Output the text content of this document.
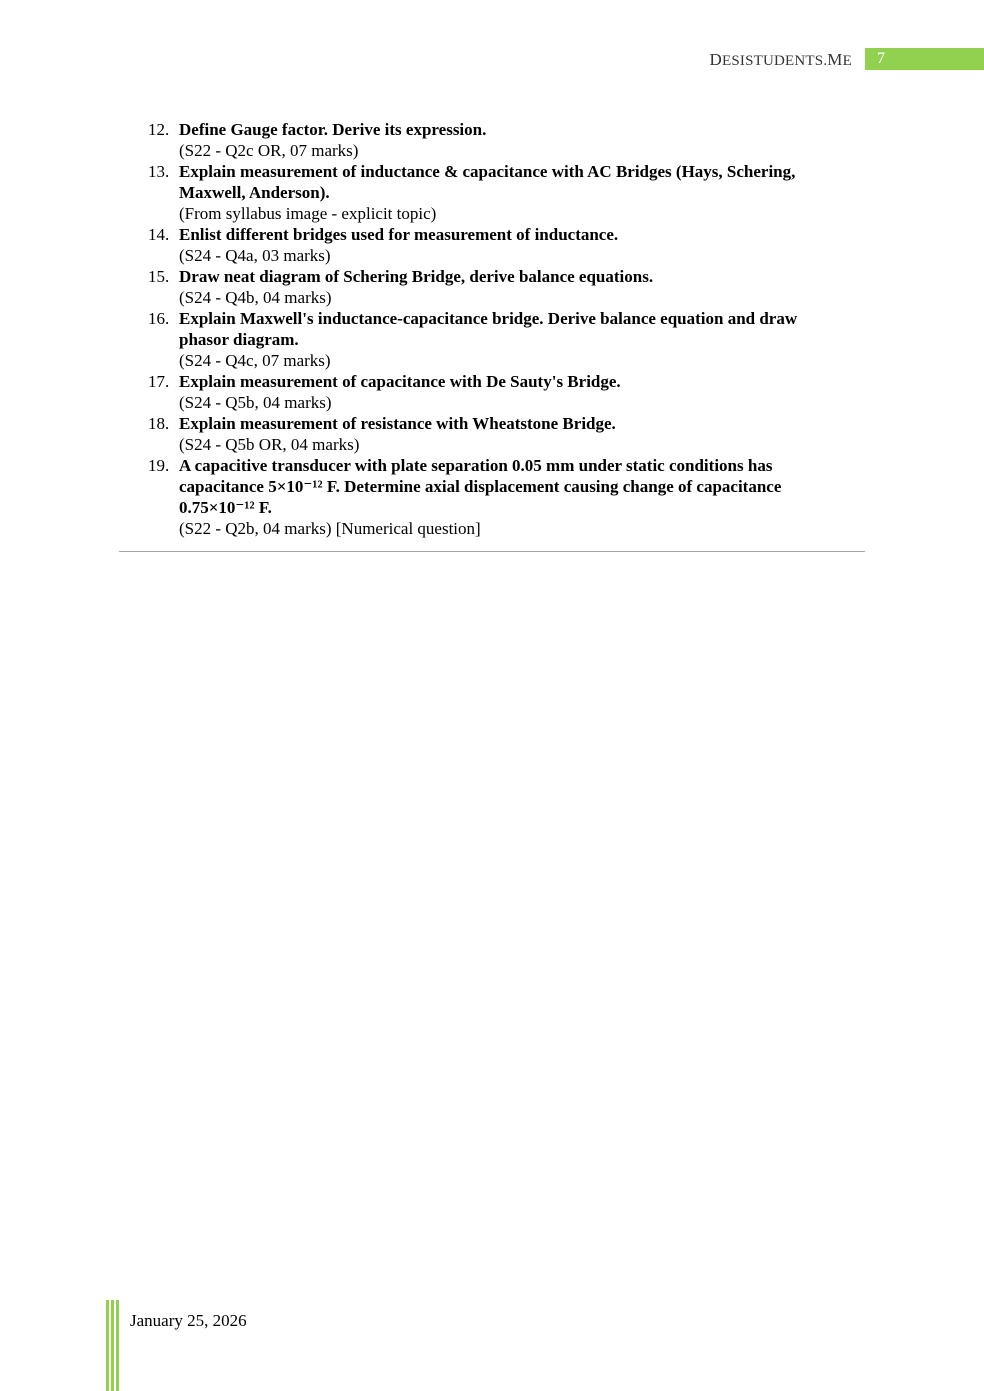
DESISTUDENTS.ME	7
12. Define Gauge factor. Derive its expression.
(S22 - Q2c OR, 07 marks)
13. Explain measurement of inductance & capacitance with AC Bridges (Hays, Schering, Maxwell, Anderson).
(From syllabus image - explicit topic)
14. Enlist different bridges used for measurement of inductance.
(S24 - Q4a, 03 marks)
15. Draw neat diagram of Schering Bridge, derive balance equations.
(S24 - Q4b, 04 marks)
16. Explain Maxwell's inductance-capacitance bridge. Derive balance equation and draw phasor diagram.
(S24 - Q4c, 07 marks)
17. Explain measurement of capacitance with De Sauty's Bridge.
(S24 - Q5b, 04 marks)
18. Explain measurement of resistance with Wheatstone Bridge.
(S24 - Q5b OR, 04 marks)
19. A capacitive transducer with plate separation 0.05 mm under static conditions has capacitance 5×10⁻¹² F. Determine axial displacement causing change of capacitance 0.75×10⁻¹² F.
(S22 - Q2b, 04 marks) [Numerical question]
January 25, 2026
